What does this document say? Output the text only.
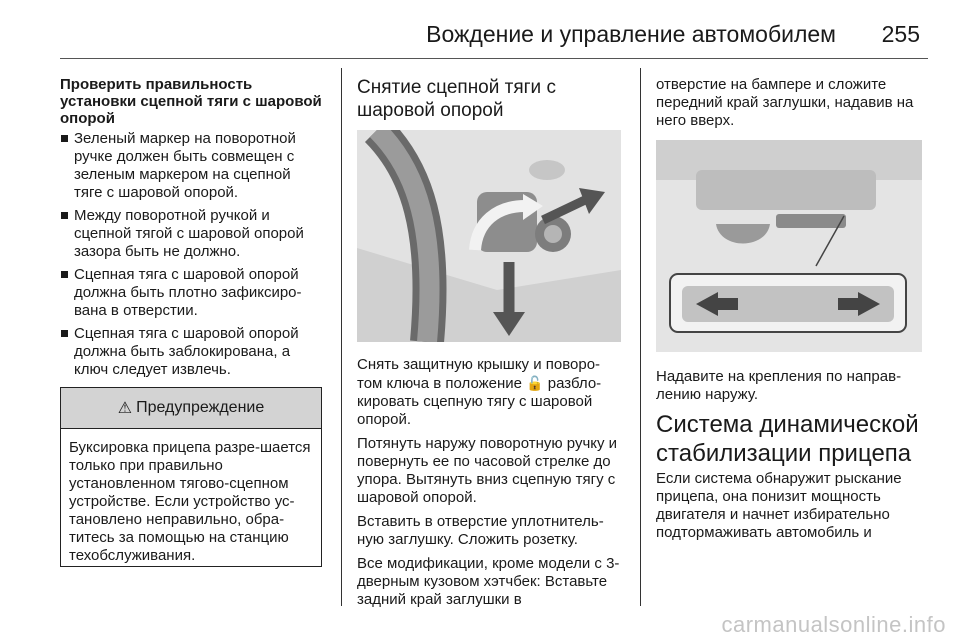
Вождение и управление автомобилем 255
Проверить правильность установки сцепной тяги с шаровой опорой
Зеленый маркер на поворотной ручке должен быть совмещен с зеленым маркером на сцепной тяге с шаровой опорой.
Между поворотной ручкой и сцепной тягой с шаровой опорой зазора быть не должно.
Сцепная тяга с шаровой опорой должна быть плотно зафиксиро-вана в отверстии.
Сцепная тяга с шаровой опорой должна быть заблокирована, а ключ следует извлечь.
⚠ Предупреждение
Буксировка прицепа разре-шается только при правильно установленном тягово-сцепном устройстве. Если устройство ус-тановлено неправильно, обра-титесь за помощью на станцию техобслуживания.
Снятие сцепной тяги с шаровой опорой

Снять защитную крышку и поворо-том ключа в положение 🔓 разбло-кировать сцепную тягу с шаровой опорой.

Потянуть наружу поворотную ручку и повернуть ее по часовой стрелке до упора. Вытянуть вниз сцепную тягу с шаровой опорой.

Вставить в отверстие уплотнитель-ную заглушку. Сложить розетку.

Все модификации, кроме модели с 3-дверным кузовом хэтчбек: Вставьте задний край заглушки в

отверстие на бампере и сложите передний край заглушки, надавив на него вверх.

Надавите на крепления по направ-лению наружу.

Система динамической стабилизации прицепа

Если система обнаружит рыскание прицепа, она понизит мощность двигателя и начнет избирательно подтормаживать автомобиль и

carmanualsonline.info
